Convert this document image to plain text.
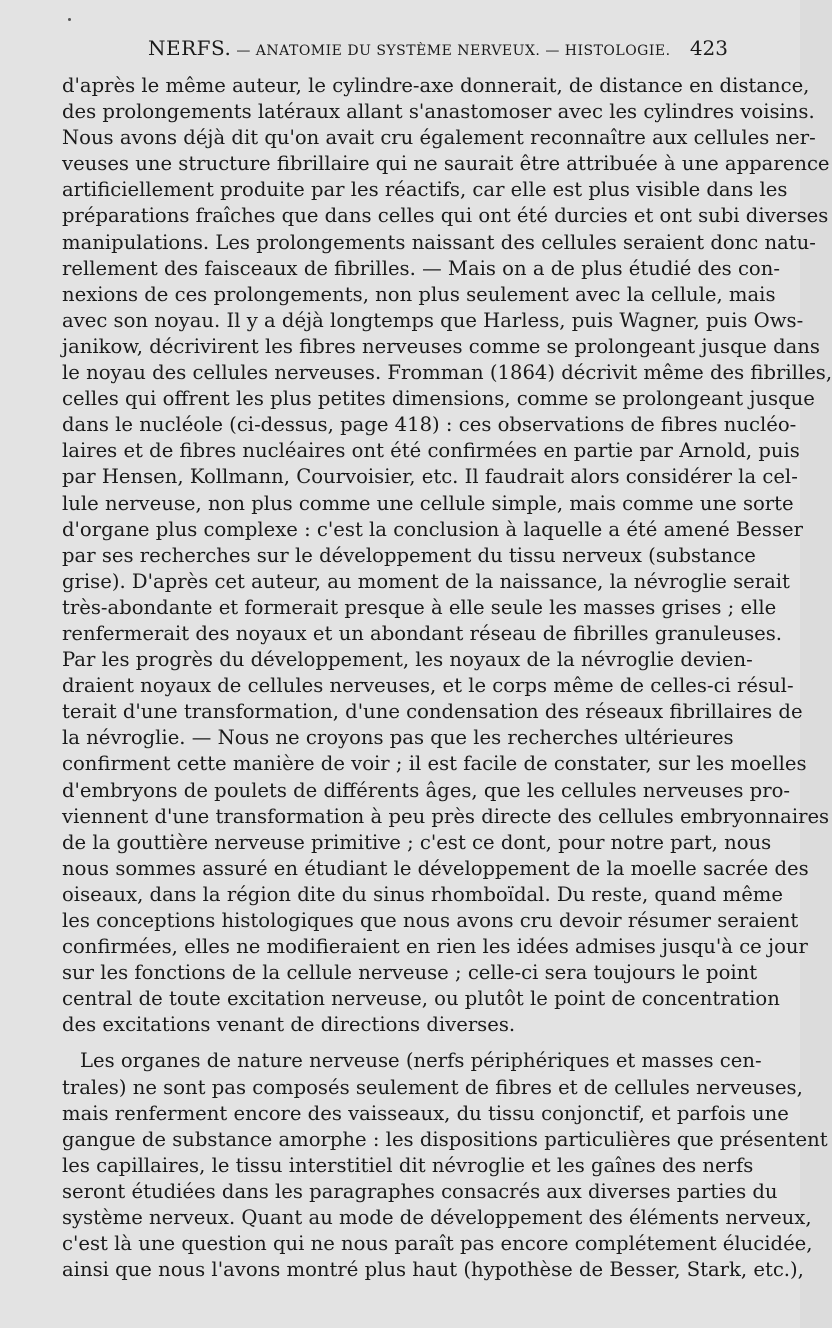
NERFS. — ANATOMIE DU SYSTÈME NERVEUX. — HISTOLOGIE. 423
d'après le même auteur, le cylindre-axe donnerait, de distance en distance,
des prolongements latéraux allant s'anastomoser avec les cylindres voisins.
Nous avons déjà dit qu'on avait cru également reconnaître aux cellules ner-
veuses une structure fibrillaire qui ne saurait être attribuée à une apparence
artificiellement produite par les réactifs, car elle est plus visible dans les
préparations fraîches que dans celles qui ont été durcies et ont subi diverses
manipulations. Les prolongements naissant des cellules seraient donc natu-
rellement des faisceaux de fibrilles. — Mais on a de plus étudié des con-
nexions de ces prolongements, non plus seulement avec la cellule, mais
avec son noyau. Il y a déjà longtemps que Harless, puis Wagner, puis Ows-
janikow, décrivirent les fibres nerveuses comme se prolongeant jusque dans
le noyau des cellules nerveuses. Fromman (1864) décrivit même des fibrilles,
celles qui offrent les plus petites dimensions, comme se prolongeant jusque
dans le nucléole (ci-dessus, page 418) : ces observations de fibres nucléo-
laires et de fibres nucléaires ont été confirmées en partie par Arnold, puis
par Hensen, Kollmann, Courvoisier, etc. Il faudrait alors considérer la cel-
lule nerveuse, non plus comme une cellule simple, mais comme une sorte
d'organe plus complexe : c'est la conclusion à laquelle a été amené Besser
par ses recherches sur le développement du tissu nerveux (substance
grise). D'après cet auteur, au moment de la naissance, la névroglie serait
très-abondante et formerait presque à elle seule les masses grises ; elle
renfermerait des noyaux et un abondant réseau de fibrilles granuleuses.
Par les progrès du développement, les noyaux de la névroglie devien-
draient noyaux de cellules nerveuses, et le corps même de celles-ci résul-
terait d'une transformation, d'une condensation des réseaux fibrillaires de
la névroglie. — Nous ne croyons pas que les recherches ultérieures
confirment cette manière de voir ; il est facile de constater, sur les moelles
d'embryons de poulets de différents âges, que les cellules nerveuses pro-
viennent d'une transformation à peu près directe des cellules embryonnaires
de la gouttière nerveuse primitive ; c'est ce dont, pour notre part, nous
nous sommes assuré en étudiant le développement de la moelle sacrée des
oiseaux, dans la région dite du sinus rhomboïdal. Du reste, quand même
les conceptions histologiques que nous avons cru devoir résumer seraient
confirmées, elles ne modifieraient en rien les idées admises jusqu'à ce jour
sur les fonctions de la cellule nerveuse ; celle-ci sera toujours le point
central de toute excitation nerveuse, ou plutôt le point de concentration
des excitations venant de directions diverses.
Les organes de nature nerveuse (nerfs périphériques et masses cen-
trales) ne sont pas composés seulement de fibres et de cellules nerveuses,
mais renferment encore des vaisseaux, du tissu conjonctif, et parfois une
gangue de substance amorphe : les dispositions particulières que présentent
les capillaires, le tissu interstitiel dit névroglie et les gaînes des nerfs
seront étudiées dans les paragraphes consacrés aux diverses parties du
système nerveux. Quant au mode de développement des éléments nerveux,
c'est là une question qui ne nous paraît pas encore complétement élucidée,
ainsi que nous l'avons montré plus haut (hypothèse de Besser, Stark, etc.),
